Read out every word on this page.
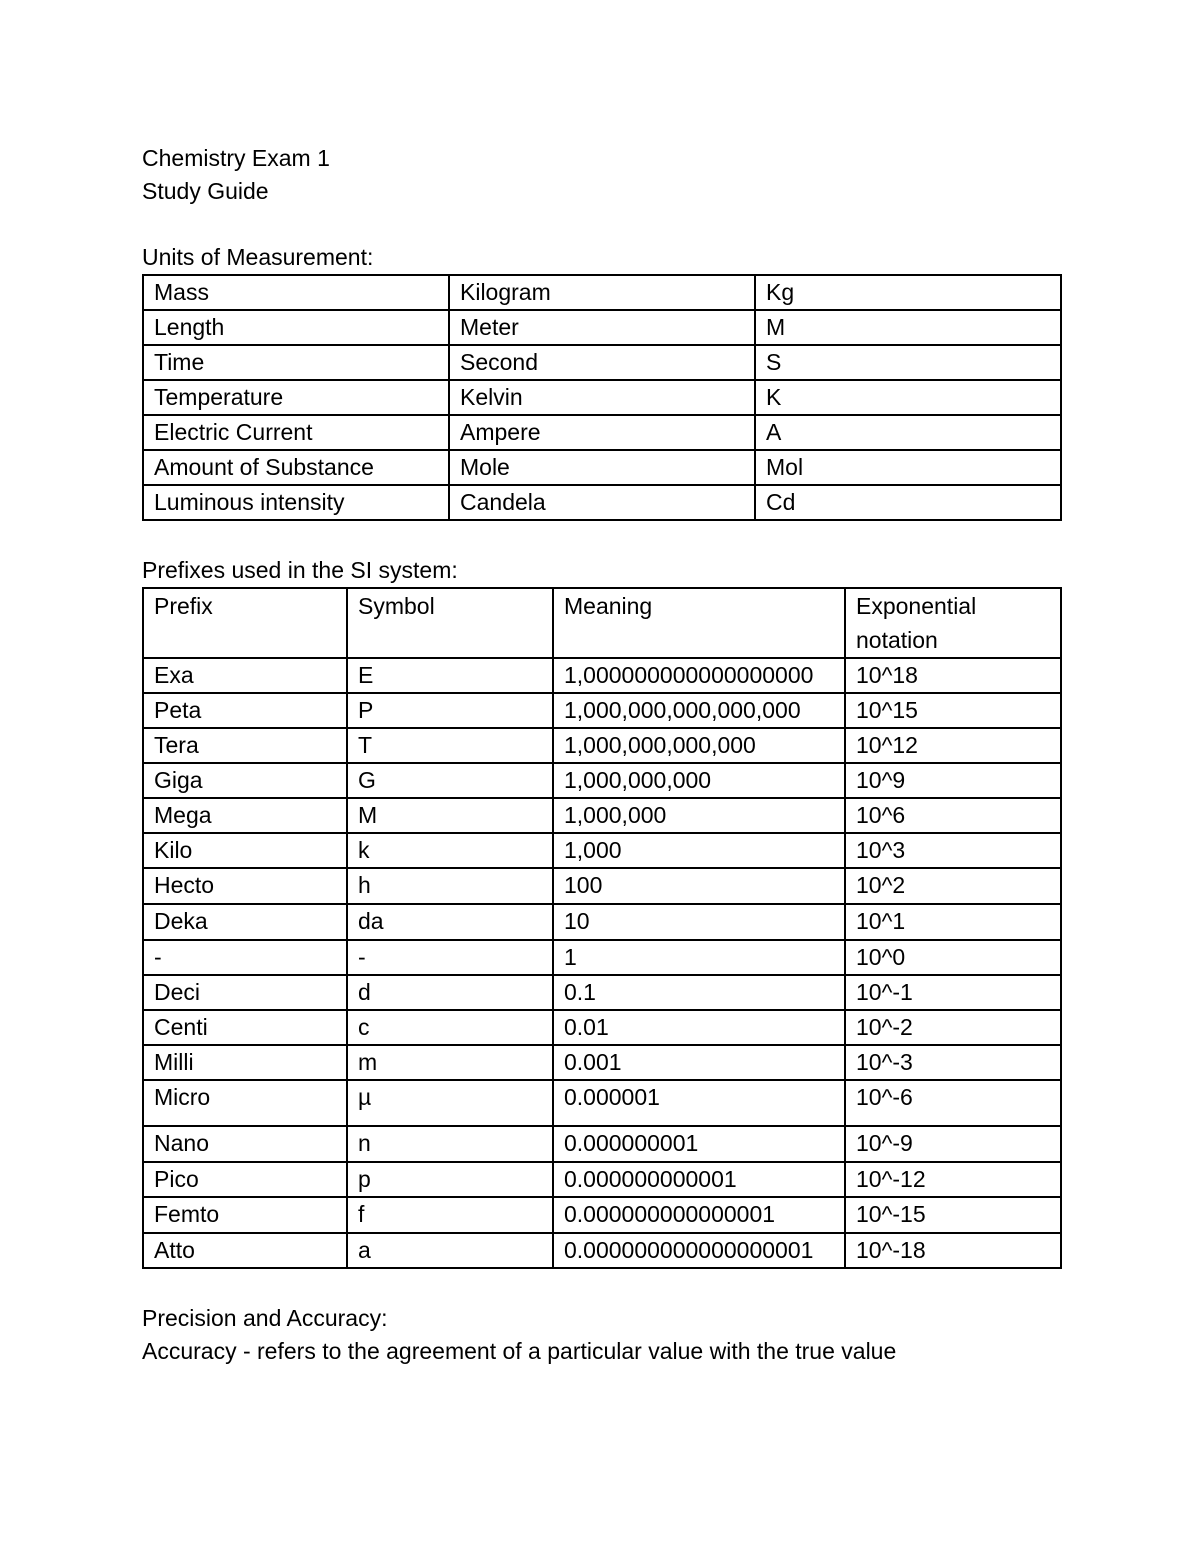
Chemistry Exam 1
Study Guide
Units of Measurement:
Mass	Kilogram	Kg
Length	Meter	M
Time	Second	S
Temperature	Kelvin	K
Electric Current	Ampere	A
Amount of Substance	Mole	Mol
Luminous intensity	Candela	Cd
Prefixes used in the SI system:
Prefix	Symbol	Meaning	Exponential
notation

Exa	E	1,000000000000000000	10^18
Peta	P	1,000,000,000,000,000	10^15
Tera	T	1,000,000,000,000	10^12
Giga	G	1,000,000,000	10^9
Mega	M	1,000,000	10^6
Kilo	k	1,000	10^3
Hecto	h	100	10^2
Deka	da	10	10^1
-	-	1	10^0
Deci	d	0.1	10^-1
Centi	c	0.01	10^-2
Milli	m	0.001	10^-3
Micro	µ	0.000001	10^-6
Nano	n	0.000000001	10^-9
Pico	p	0.000000000001	10^-12
Femto	f	0.000000000000001	10^-15
Atto	a	0.000000000000000001	10^-18
Precision and Accuracy:
Accuracy - refers to the agreement of a particular value with the true value
